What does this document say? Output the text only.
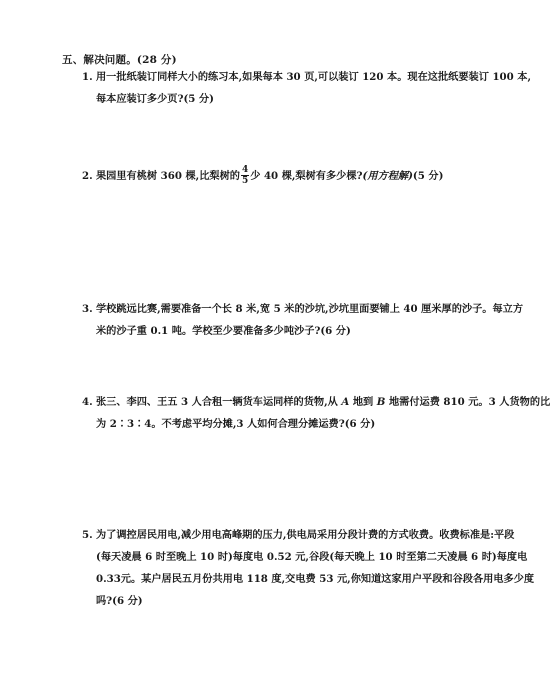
五、解决问题。(28 分)
1. 用一批纸装订同样大小的练习本,如果每本 30 页,可以装订 120 本。现在这批纸要装订 100 本,
每本应装订多少页?(5 分)
2. 果园里有桃树 360 棵,比梨树的 $\frac{4}{5}$ 少 40 棵,梨树有多少棵?(用方程解)(5 分)
3. 学校跳远比赛,需要准备一个长 8 米,宽 5 米的沙坑,沙坑里面要铺上 40 厘米厚的沙子。每立方
米的沙子重 0.1 吨。学校至少要准备多少吨沙子?(6 分)
4. 张三、李四、王五 3 人合租一辆货车运同样的货物,从 A 地到 B 地需付运费 810 元。3 人货物的比
为 2∶3∶4。不考虑平均分摊,3 人如何合理分摊运费?(6 分)
5. 为了调控居民用电,减少用电高峰期的压力,供电局采用分段计费的方式收费。收费标准是:平段
(每天凌晨 6 时至晚上 10 时)每度电 0.52 元,谷段(每天晚上 10 时至第二天凌晨 6 时)每度电
0.33元。某户居民五月份共用电 118 度,交电费 53 元,你知道这家用户平段和谷段各用电多少度
吗?(6 分)
